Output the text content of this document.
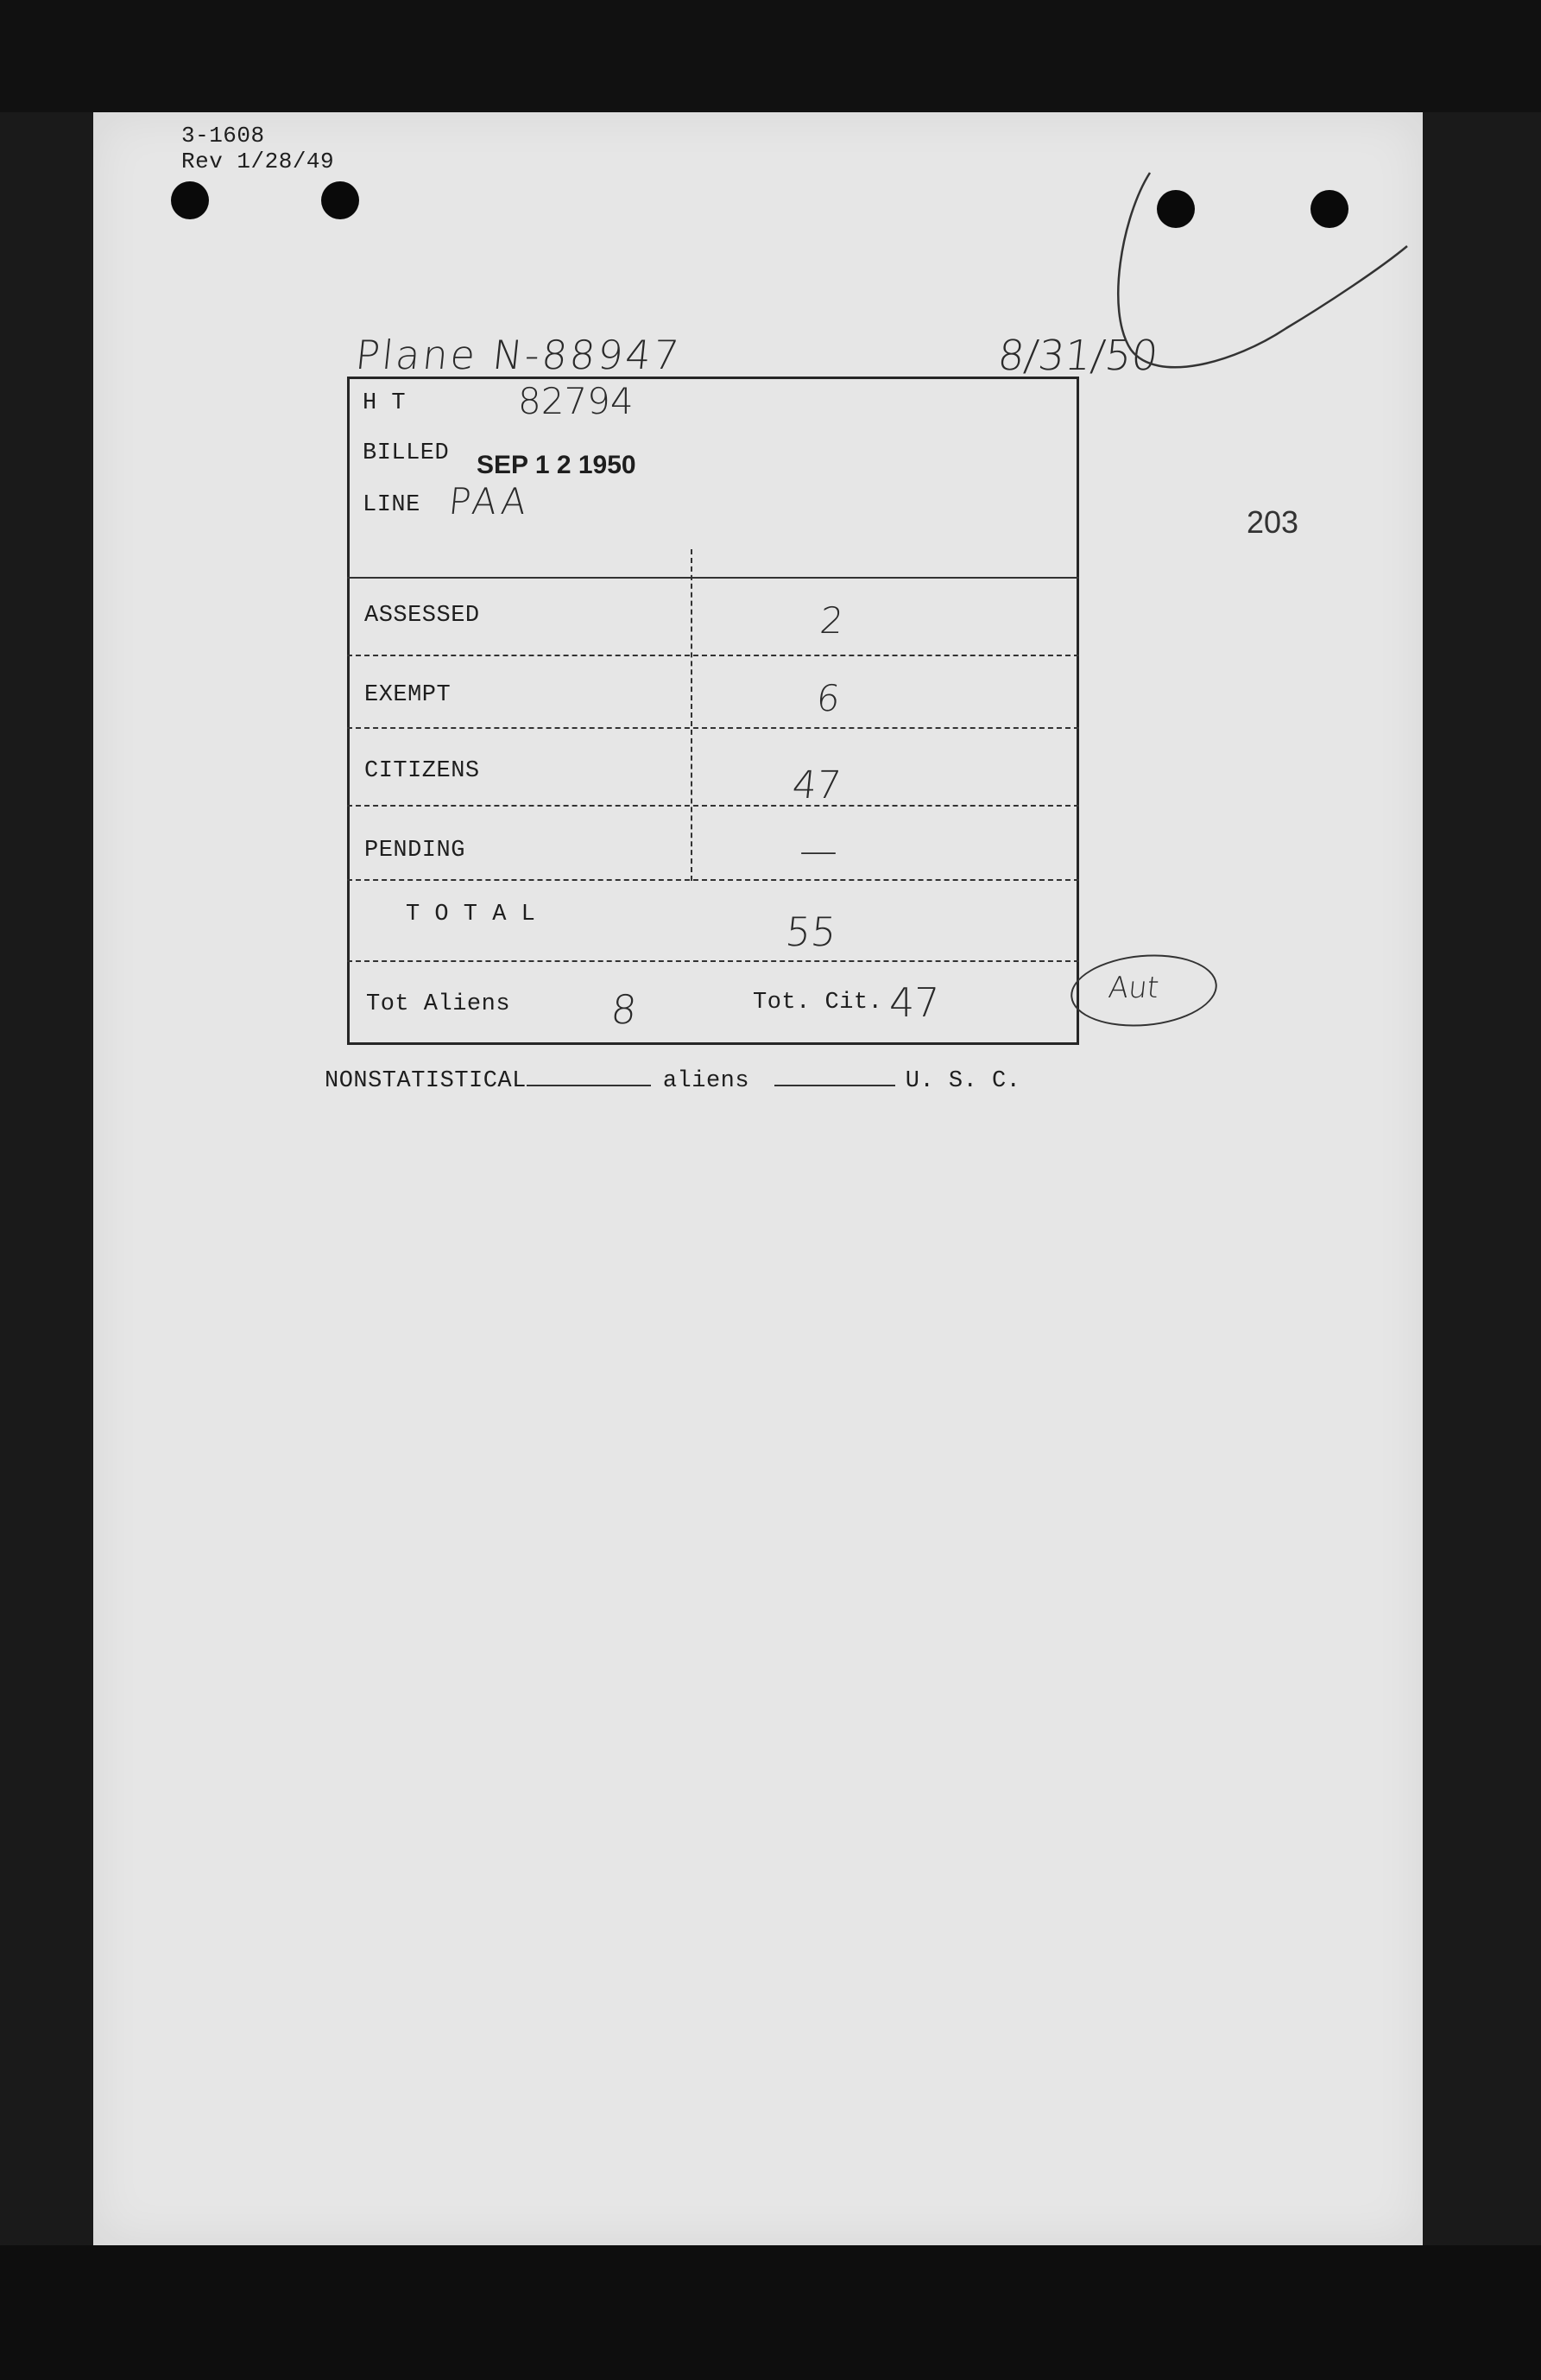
3-1608
Rev 1/28/49
Plane N-88947	8/31/50
203
H T	82794
BILLED SEP 1 2 1950
LINE PAA
ASSESSED	2
EXEMPT	6
CITIZENS	47
PENDING	—
T O T A L	55
Tot Aliens 8	Tot. Cit. 47	Aut
NONSTATISTICAL	aliens	U. S. C.
